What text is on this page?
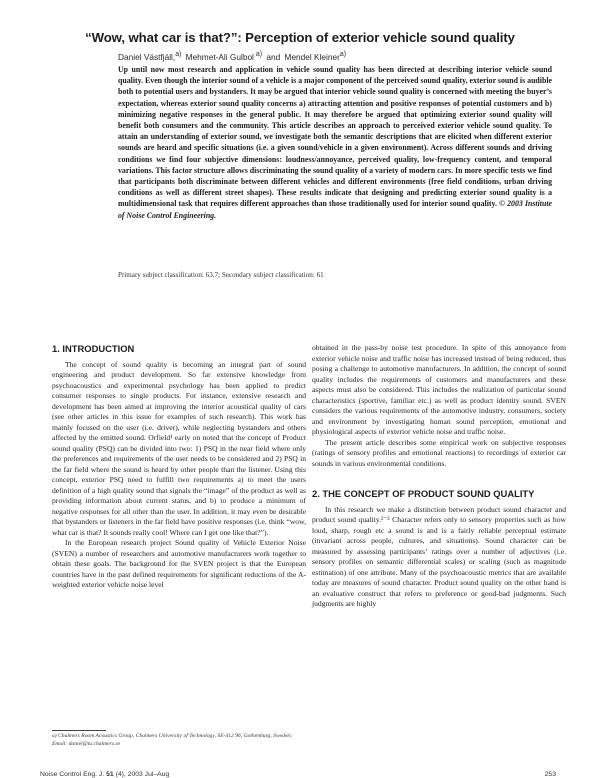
“Wow, what car is that?”: Perception of exterior vehicle sound quality
Daniel Västfjäll,$^{a)}$ Mehmet-Ali Gulbol $^{a)}$ and Mendel Kleiner$^{a)}$

Up until now most research and application in vehicle sound quality has been directed at describing interior vehicle sound quality. Even though the interior sound of a vehicle is a major component of the perceived sound quality, exterior sound is audible both to potential users and bystanders. It may be argued that interior vehicle sound quality is concerned with meeting the buyer’s expectation, whereas exterior sound quality concerns a) attracting attention and positive responses of potential customers and b) minimizing negative responses in the general public. It may therefore be argued that optimizing exterior sound quality will benefit both consumers and the community. This article describes an approach to perceived exterior vehicle sound quality. To attain an understanding of exterior sound, we investigate both the semantic descriptions that are elicited when different exterior sounds are heard and specific situations (i.e. a given sound/vehicle in a given environment). Across different sounds and driving conditions we find four subjective dimensions: loudness/annoyance, perceived quality, low-frequency content, and temporal variations. This factor structure allows discriminating the sound quality of a variety of modern cars. In more specific tests we find that participants both discriminate between different vehicles and different environments (free field conditions, urban driving conditions as well as different street shapes). These results indicate that designing and predicting exterior sound quality is a multidimensional task that requires different approaches than those traditionally used for interior sound quality. © 2003 Institute of Noise Control Engineering.

Primary subject classification: 63.7; Secondary subject classification: 61

1. INTRODUCTION

The concept of sound quality is becoming an integral part of sound engineering and product development. So far extensive knowledge from psychoacoustics and experimental psychology has been applied to predict consumer responses to single products. For instance, extensive research and development has been aimed at improving the interior acoustical quality of cars (see other articles in this issue for examples of such research). This work has mainly focused on the user (i.e. driver), while neglecting bystanders and others affected by the emitted sound. Orfield¹ early on noted that the concept of Product sound quality (PSQ) can be divided into two: 1) PSQ in the near field where only the preferences and requirements of the user needs to be considered and 2) PSQ in the far field where the sound is heard by other people than the listener. Using this concept, exterior PSQ need to fulfill two requirements a) to meet the users definition of a high quality sound that signals the “image” of the product as well as providing information about current status, and b) to produce a minimum of negative responses for all other than the user. In addition, it may even be desirable that bystanders or listeners in the far field have positive responses (i.e. think “wow, what car is that? It sounds really cool! Where can I get one like that?”).

In the European research project Sound quality of Vehicle Exterior Noise (SVEN) a number of researchers and automotive manufacturers work together to obtain these goals. The background for the SVEN project is that the European countries have in the past defined requirements for significant reductions of the A-weighted exterior vehicle noise level

obtained in the pass-by noise test procedure. In spite of this annoyance from exterior vehicle noise and traffic noise has increased instead of being reduced, thus posing a challenge to automotive manufacturers. In addition, the concept of sound quality includes the requirements of customers and manufacturers and these aspects must also be considered. This includes the realization of particular sound characteristics (sportive, familiar etc.) as well as product identity sound. SVEN considers the various requirements of the automotive industry, consumers, society and environment by investigating human sound perception, emotional and physiological aspects of exterior vehicle noise and traffic noise.

The present article describes some empirical work on subjective responses (ratings of sensory profiles and emotional reactions) to recordings of exterior car sounds in various environmental conditions.

2. THE CONCEPT OF PRODUCT SOUND QUALITY

In this research we make a distinction between product sound character and product sound quality.²⁻³ Character refers only to sensory properties such as how loud, sharp, rough etc a sound is and is a fairly reliable perceptual estimate (invariant across people, cultures, and situations). Sound character can be measured by assessing participants’ ratings over a number of adjectives (i.e. sensory profiles on semantic differential scales) or scaling (such as magnitude estimation) of one attribute. Many of the psychoacoustic metrics that are available today are measures of sound character. Product sound quality on the other hand is an evaluative construct that refers to preference or good-bad judgments. Such judgments are highly

a) Chalmers Room Acoustics Group, Chalmers University of Technology, SE-412 96, Gothenburg, Sweden; Email: daniel@ta.chalmers.se

Noise Control Eng. J. 51 (4), 2003 Jul–Aug	253
